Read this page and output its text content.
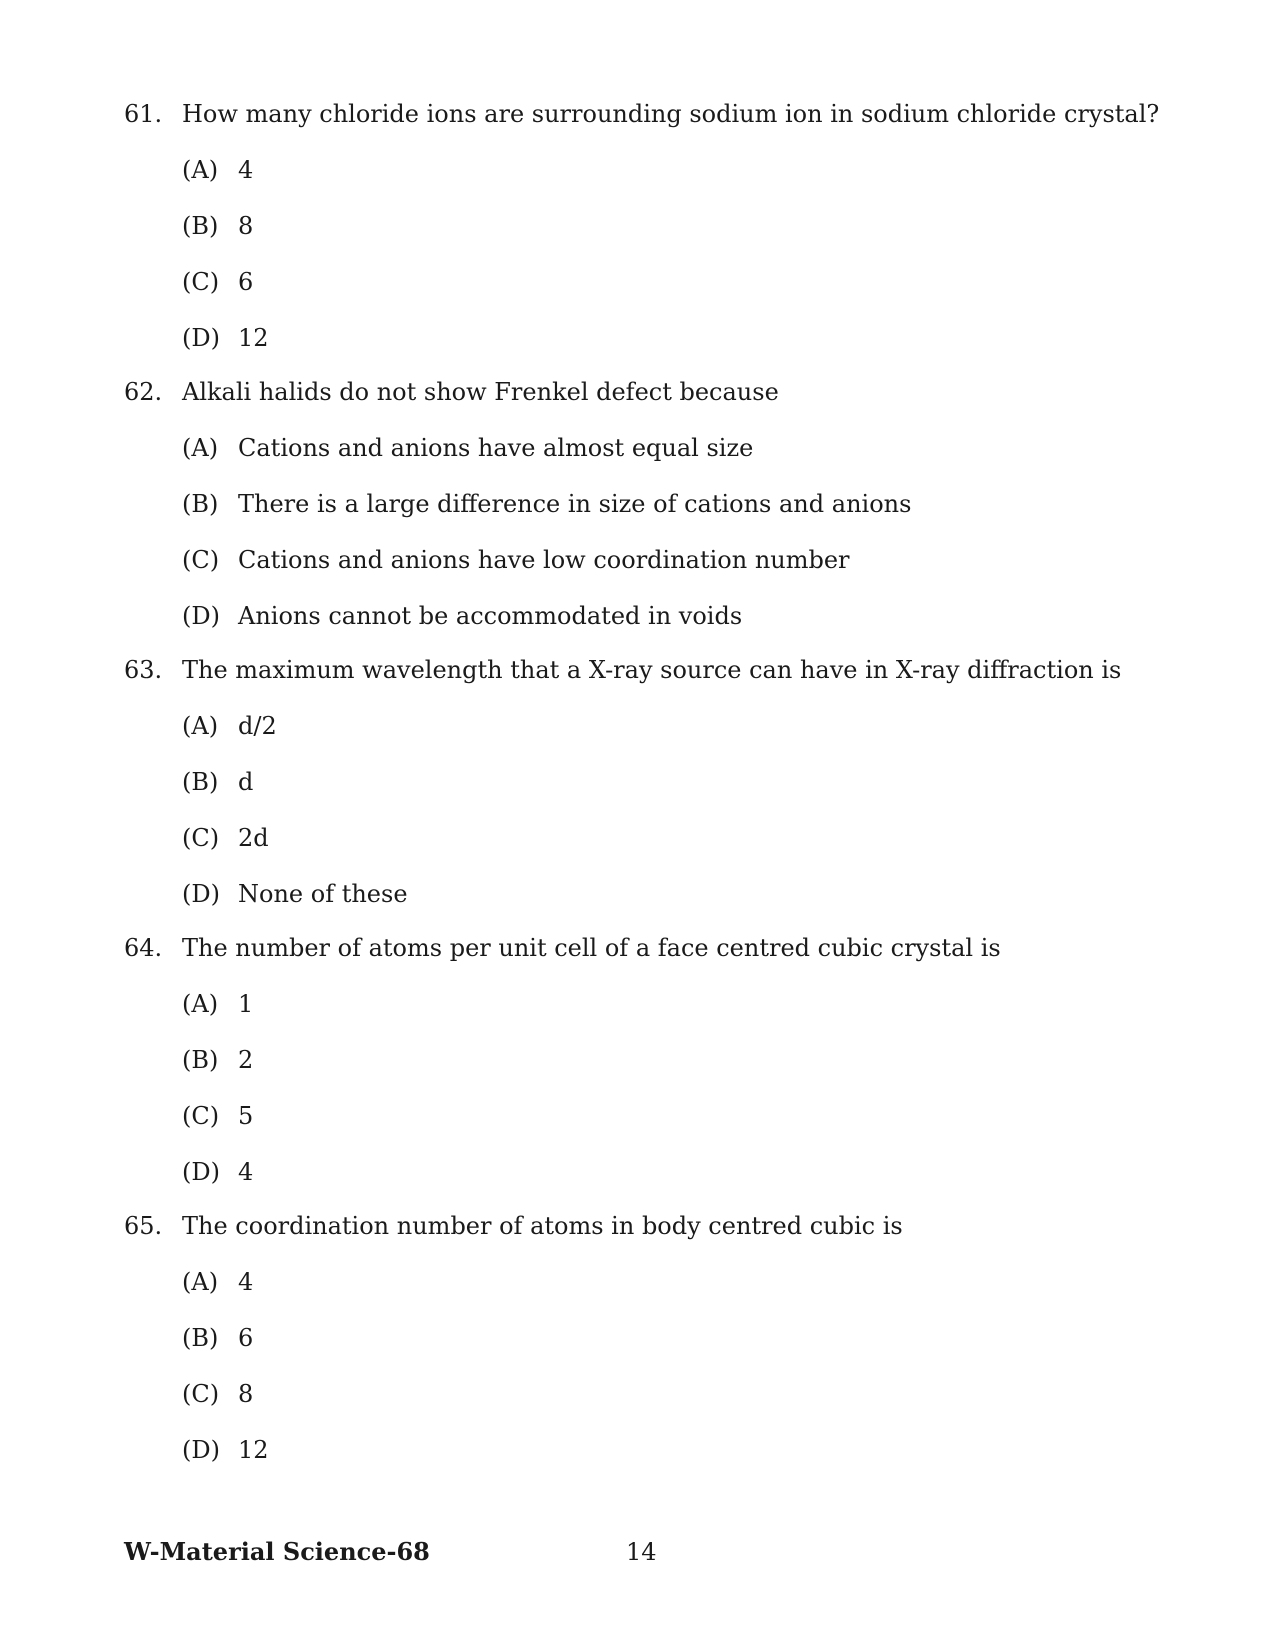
61. How many chloride ions are surrounding sodium ion in sodium chloride crystal?
(A) 4
(B) 8
(C) 6
(D) 12
62. Alkali halids do not show Frenkel defect because
(A) Cations and anions have almost equal size
(B) There is a large difference in size of cations and anions
(C) Cations and anions have low coordination number
(D) Anions cannot be accommodated in voids
63. The maximum wavelength that a X-ray source can have in X-ray diffraction is
(A) d/2
(B) d
(C) 2d
(D) None of these
64. The number of atoms per unit cell of a face centred cubic crystal is
(A) 1
(B) 2
(C) 5
(D) 4
65. The coordination number of atoms in body centred cubic is
(A) 4
(B) 6
(C) 8
(D) 12
W-Material Science-68	14
